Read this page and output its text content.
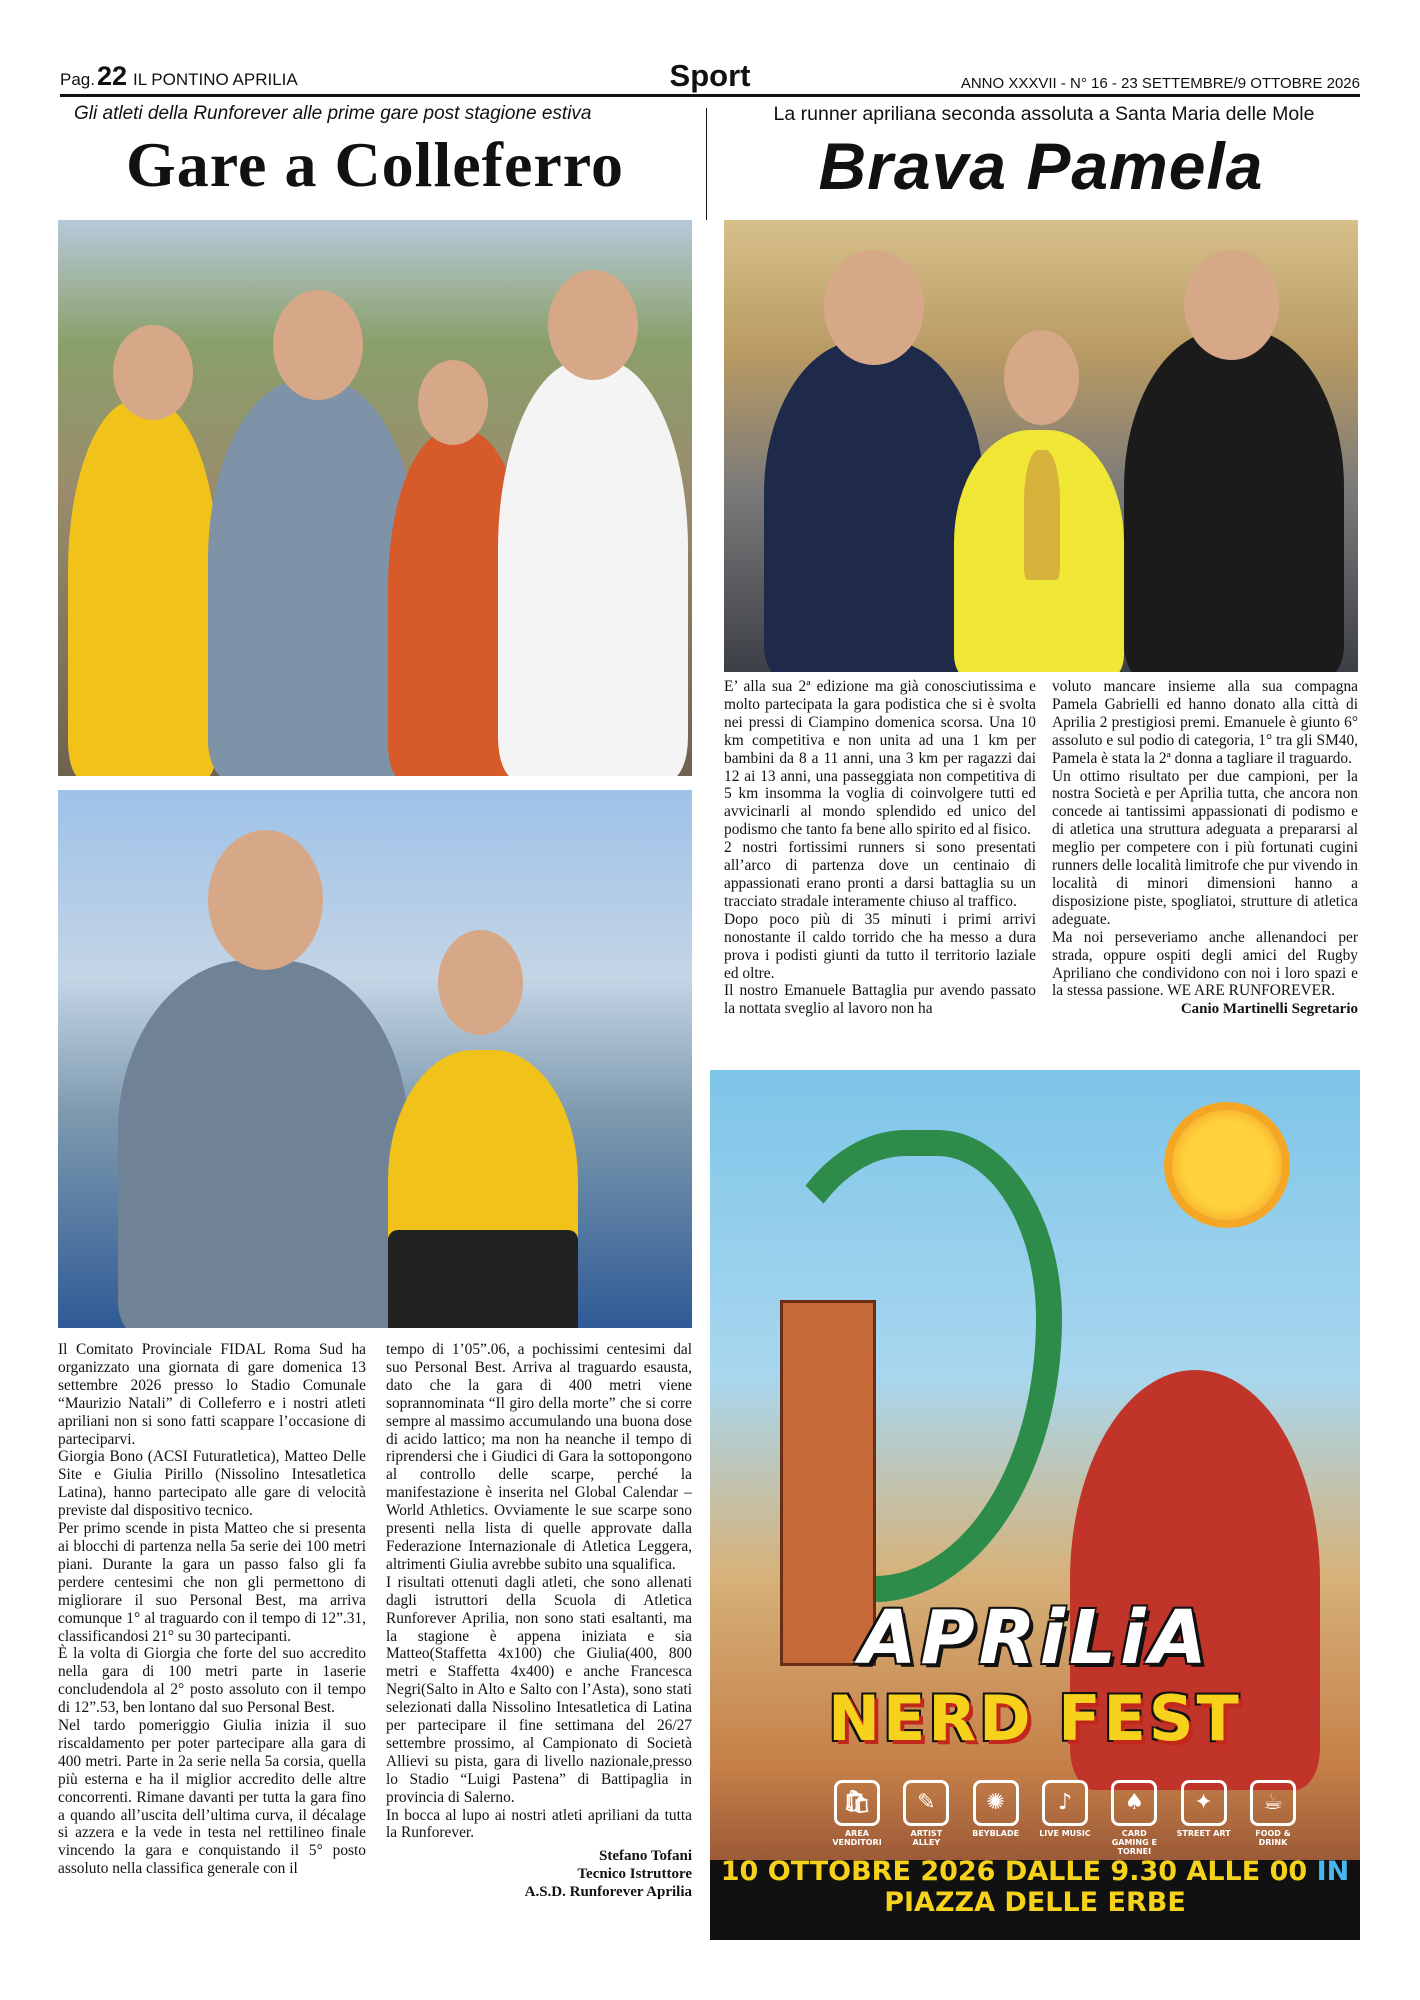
Pag.22 IL PONTINO APRILIA	Sport	ANNO XXXVII - N° 16 - 23 SETTEMBRE/9 OTTOBRE 2026
Gli atleti della Runforever alle prime gare post stagione estiva
Gare a Colleferro
La runner apriliana seconda assoluta a Santa Maria delle Mole
Brava Pamela
APRiLiA
NERD FEST
🛍
AREA VENDITORI
✎
ARTIST ALLEY
✺
BEYBLADE
♪
LIVE MUSIC
♠
CARD GAMING E TORNEI
✦
STREET ART
☕
FOOD & DRINK
10 OTTOBRE 2026 DALLE 9.30 ALLE 00 IN PIAZZA DELLE ERBE

E’ alla sua 2ª edizione ma già conosciutissima e molto partecipata la gara podistica che si è svolta nei pressi di Ciampino domenica scorsa. Una 10 km competitiva e non unita ad una 1 km per bambini da 8 a 11 anni, una 3 km per ragazzi dai 12 ai 13 anni, una passeggiata non competitiva di 5 km insomma la voglia di coinvolgere tutti ed avvicinarli al mondo splendido ed unico del podismo che tanto fa bene allo spirito ed al fisico.

2 nostri fortissimi runners si sono presentati all’arco di partenza dove un centinaio di appassionati erano pronti a darsi battaglia su un tracciato stradale interamente chiuso al traffico.

Dopo poco più di 35 minuti i primi arrivi nonostante il caldo torrido che ha messo a dura prova i podisti giunti da tutto il territorio laziale ed oltre.

Il nostro Emanuele Battaglia pur avendo passato la nottata sveglio al lavoro non ha

voluto mancare insieme alla sua compagna Pamela Gabrielli ed hanno donato alla città di Aprilia 2 prestigiosi premi. Emanuele è giunto 6° assoluto e sul podio di categoria, 1° tra gli SM40, Pamela è stata la 2ª donna a tagliare il traguardo.

Un ottimo risultato per due campioni, per la nostra Società e per Aprilia tutta, che ancora non concede ai tantissimi appassionati di podismo e di atletica una struttura adeguata a prepararsi al meglio per competere con i più fortunati cugini runners delle località limitrofe che pur vivendo in località di minori dimensioni hanno a disposizione piste, spogliatoi, strutture di atletica adeguate.

Ma noi perseveriamo anche allenandoci per strada, oppure ospiti degli amici del Rugby Apriliano che condividono con noi i loro spazi e la stessa passione. WE ARE RUNFOREVER.

Canio Martinelli Segretario

Il Comitato Provinciale FIDAL Roma Sud ha organizzato una giornata di gare domenica 13 settembre 2026 presso lo Stadio Comunale “Maurizio Natali” di Colleferro e i nostri atleti apriliani non si sono fatti scappare l’occasione di parteciparvi.

Giorgia Bono (ACSI Futuratletica), Matteo Delle Site e Giulia Pirillo (Nissolino Intesatletica Latina), hanno partecipato alle gare di velocità previste dal dispositivo tecnico.

Per primo scende in pista Matteo che si presenta ai blocchi di partenza nella 5a serie dei 100 metri piani. Durante la gara un passo falso gli fa perdere centesimi che non gli permettono di migliorare il suo Personal Best, ma arriva comunque 1° al traguardo con il tempo di 12”.31, classificandosi 21° su 30 partecipanti.

È la volta di Giorgia che forte del suo accredito nella gara di 100 metri parte in 1aserie concludendola al 2° posto assoluto con il tempo di 12”.53, ben lontano dal suo Personal Best.

Nel tardo pomeriggio Giulia inizia il suo riscaldamento per poter partecipare alla gara di 400 metri. Parte in 2a serie nella 5a corsia, quella più esterna e ha il miglior accredito delle altre concorrenti. Rimane davanti per tutta la gara fino a quando all’uscita dell’ultima curva, il décalage si azzera e la vede in testa nel rettilineo finale vincendo la gara e conquistando il 5° posto assoluto nella classifica generale con il

tempo di 1’05”.06, a pochissimi centesimi dal suo Personal Best. Arriva al traguardo esausta, dato che la gara di 400 metri viene soprannominata “Il giro della morte” che si corre sempre al massimo accumulando una buona dose di acido lattico; ma non ha neanche il tempo di riprendersi che i Giudici di Gara la sottopongono al controllo delle scarpe, perché la manifestazione è inserita nel Global Calendar – World Athletics. Ovviamente le sue scarpe sono presenti nella lista di quelle approvate dalla Federazione Internazionale di Atletica Leggera, altrimenti Giulia avrebbe subito una squalifica.

I risultati ottenuti dagli atleti, che sono allenati dagli istruttori della Scuola di Atletica Runforever Aprilia, non sono stati esaltanti, ma la stagione è appena iniziata e sia Matteo(Staffetta 4x100) che Giulia(400, 800 metri e Staffetta 4x400) e anche Francesca Negri(Salto in Alto e Salto con l’Asta), sono stati selezionati dalla Nissolino Intesatletica di Latina per partecipare il fine settimana del 26/27 settembre prossimo, al Campionato di Società Allievi su pista, gara di livello nazionale,presso lo Stadio “Luigi Pastena” di Battipaglia in provincia di Salerno.

In bocca al lupo ai nostri atleti apriliani da tutta la Runforever.

Stefano Tofani
Tecnico Istruttore
A.S.D. Runforever Aprilia
